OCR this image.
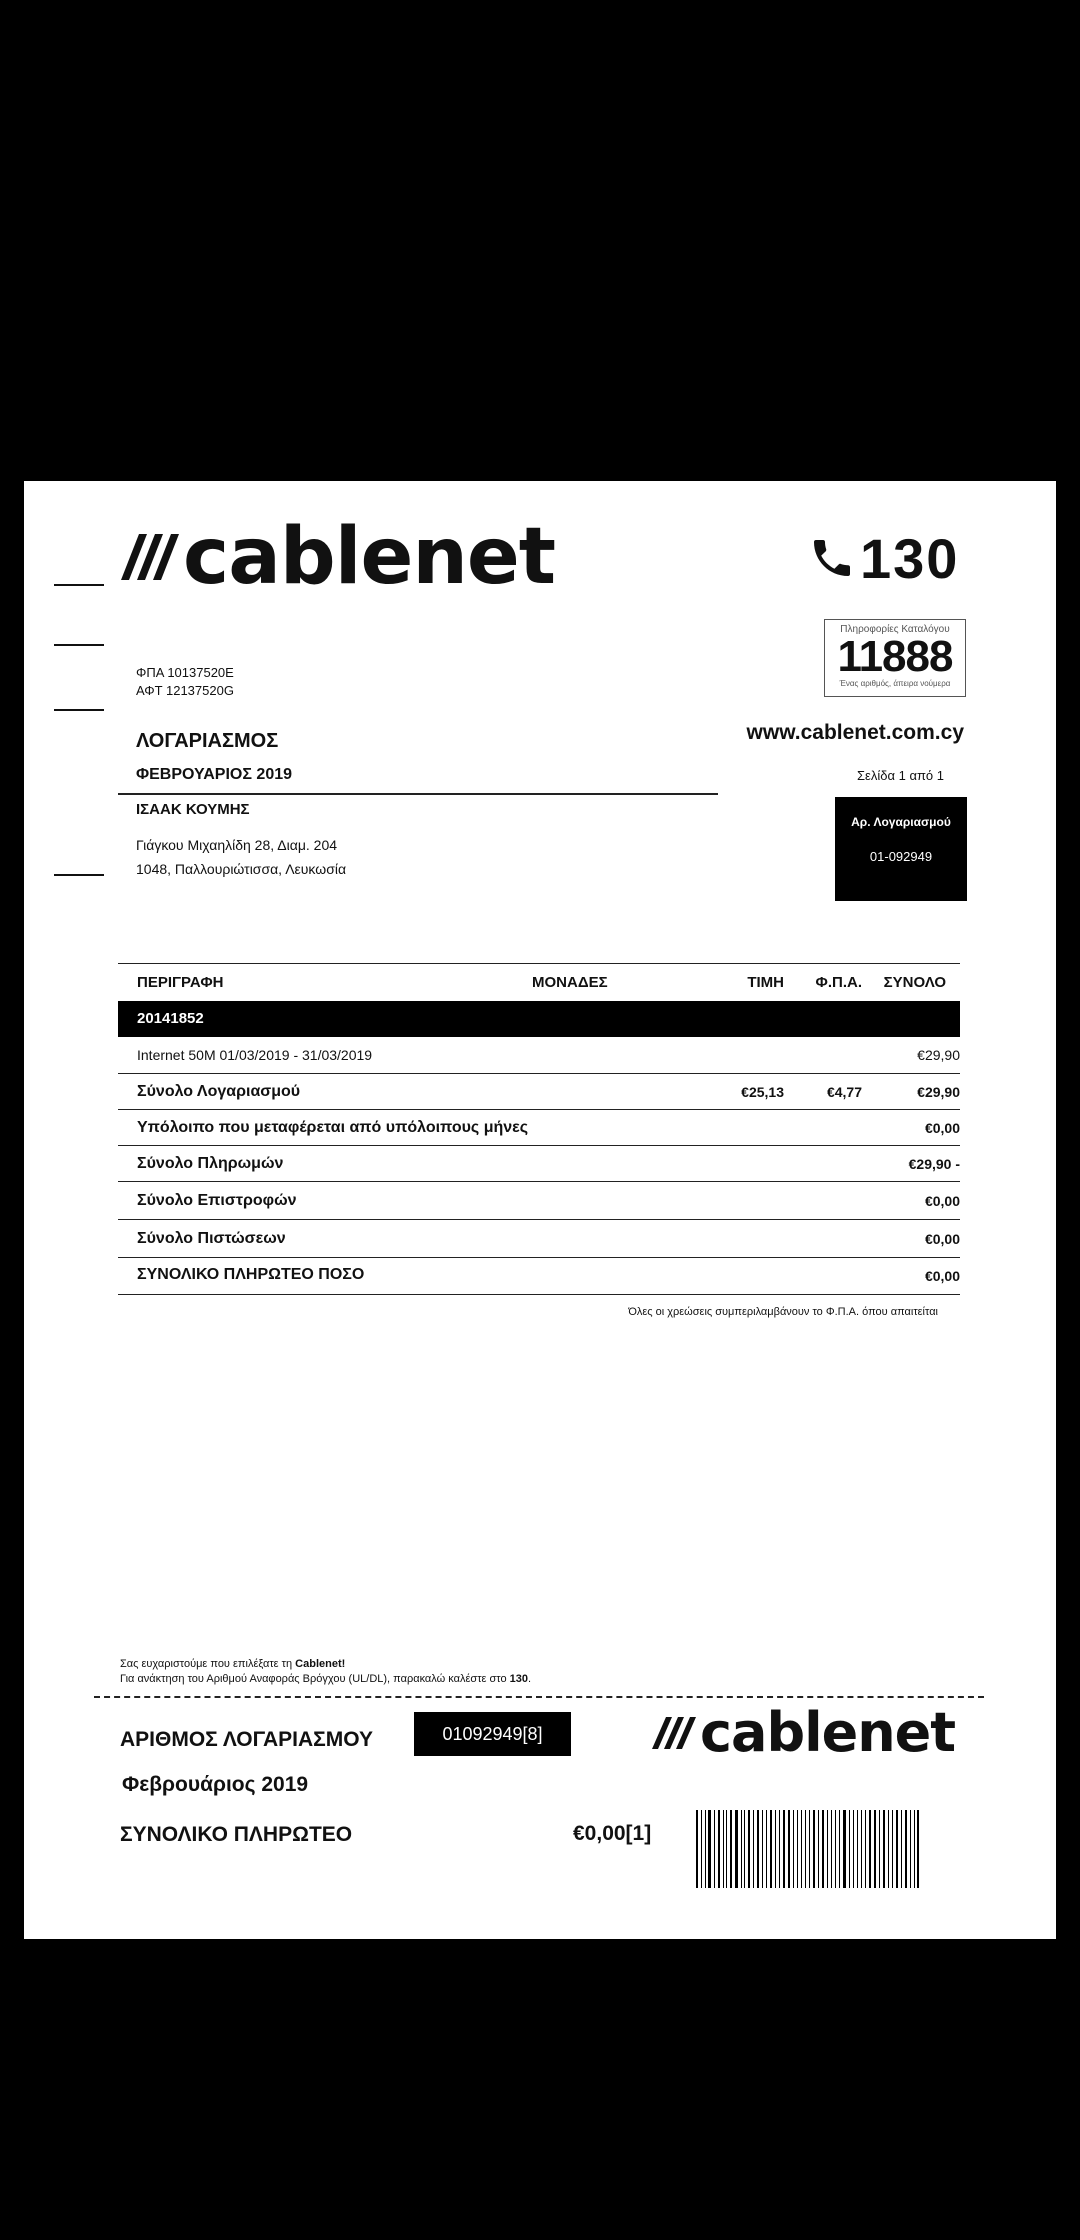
cablenet	130
Πληροφορίες Καταλόγου
11888
Ένας αριθμός, άπειρα νούμερα
ΦΠΑ 10137520E
ΑΦΤ 12137520G
ΛΟΓΑΡΙΑΣΜΟΣ	www.cablenet.com.cy
ΦΕΒΡΟΥΑΡΙΟΣ 2019	Σελίδα 1 από 1
ΙΣΑΑΚ ΚΟΥΜΗΣ
Γιάγκου Μιχαηλίδη 28, Διαμ. 204
1048, Παλλουριώτισσα, Λευκωσία
Αρ. Λογαριασμού
01-092949
ΠΕΡΙΓΡΑΦΗ	ΜΟΝΑΔΕΣ	ΤΙΜΗ Φ.Π.Α. ΣΥΝΟΛΟ
20141852
Internet 50M 01/03/2019 - 31/03/2019	€29,90
Σύνολο Λογαριασμού	€25,13	€4,77	€29,90
Υπόλοιπο που μεταφέρεται από υπόλοιπους μήνες	€0,00
Σύνολο Πληρωμών	€29,90 -
Σύνολο Επιστροφών	€0,00
Σύνολο Πιστώσεων	€0,00
ΣΥΝΟΛΙΚΟ ΠΛΗΡΩΤΕΟ ΠΟΣΟ	€0,00
Όλες οι χρεώσεις συμπεριλαμβάνουν το Φ.Π.Α. όπου απαιτείται
Σας ευχαριστούμε που επιλέξατε τη Cablenet!
Για ανάκτηση του Αριθμού Αναφοράς Βρόγχου (UL/DL), παρακαλώ καλέστε στο 130.
ΑΡΙΘΜΟΣ ΛΟΓΑΡΙΑΣΜΟΥ	01092949[8]	cablenet
Φεβρουάριος 2019
ΣΥΝΟΛΙΚΟ ΠΛΗΡΩΤΕΟ	€0,00[1]
